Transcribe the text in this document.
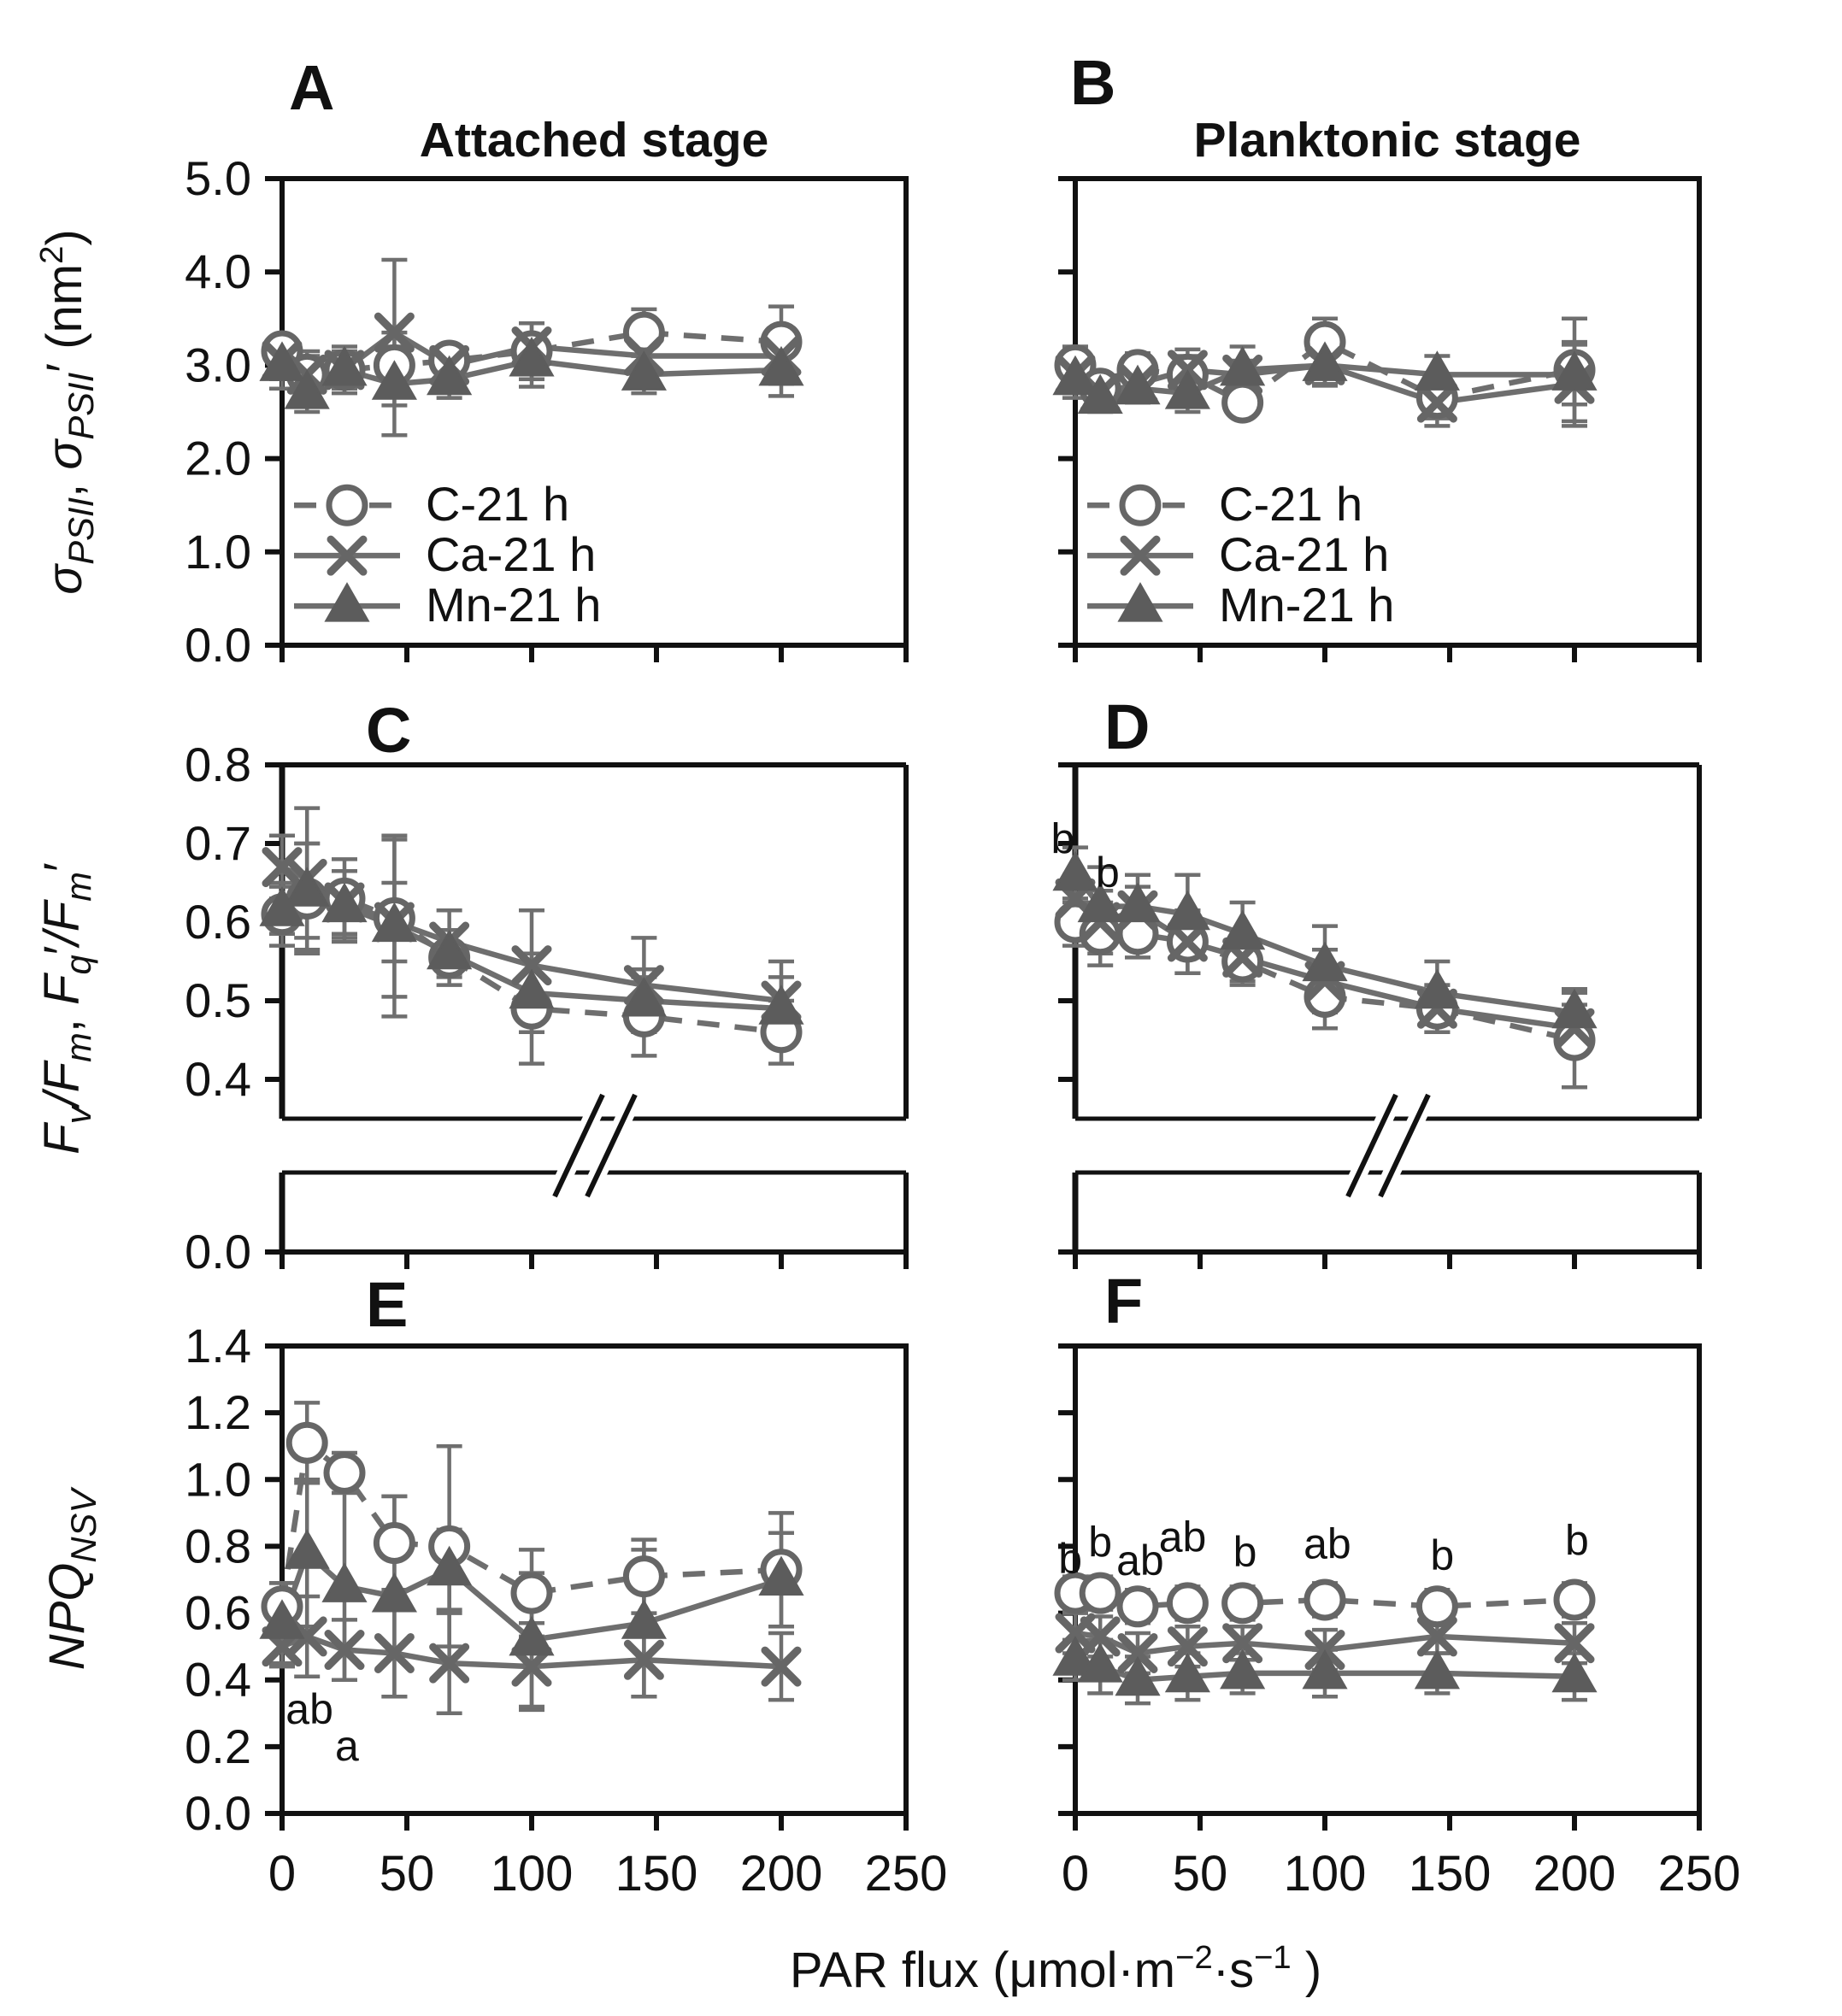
0.0
1.0
2.0
3.0
4.0
5.0
C-21 h
Ca-21 h
Mn-21 h
A
Attached stage
$\sigma_{PSII}$, $\sigma_{PSII}'$ $(nm^2)$
C-21 h
Ca-21 h
Mn-21 h
B
Planktonic stage
0.8
0.7
0.6
0.5
0.4
0.0
C
$F_v/F_m$, $F_q'/F_m'$
b
b
D
0.0
0.2
0.4
0.6
0.8
1.0
1.2
1.4
ab
a
E
$NPQ_{NSV}$	b b ab
ab b ab b	b
F
0 50 100 150 200 250 0 50 100 150 200 250
PAR flux ($\mu mol\cdot m^{-2}\cdot s^{-1}$ )
